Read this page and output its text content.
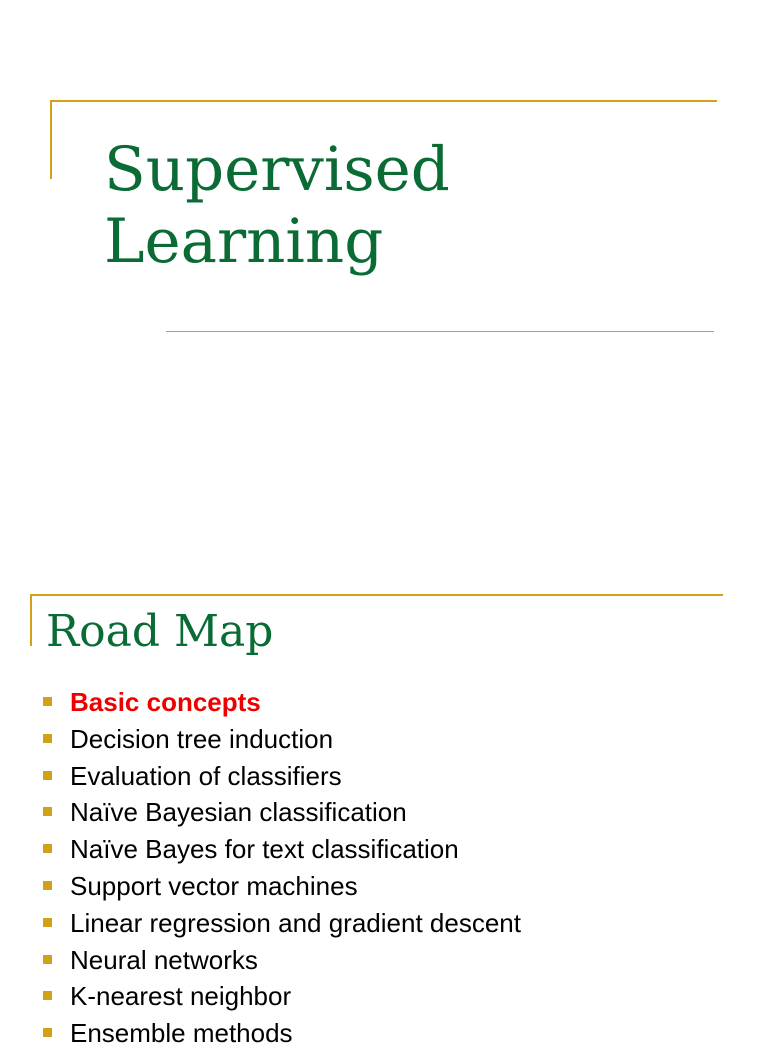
Supervised
Learning
Road Map
Basic concepts
Decision tree induction
Evaluation of classifiers
Naïve Bayesian classification
Naïve Bayes for text classification
Support vector machines
Linear regression and gradient descent
Neural networks
K-nearest neighbor
Ensemble methods
